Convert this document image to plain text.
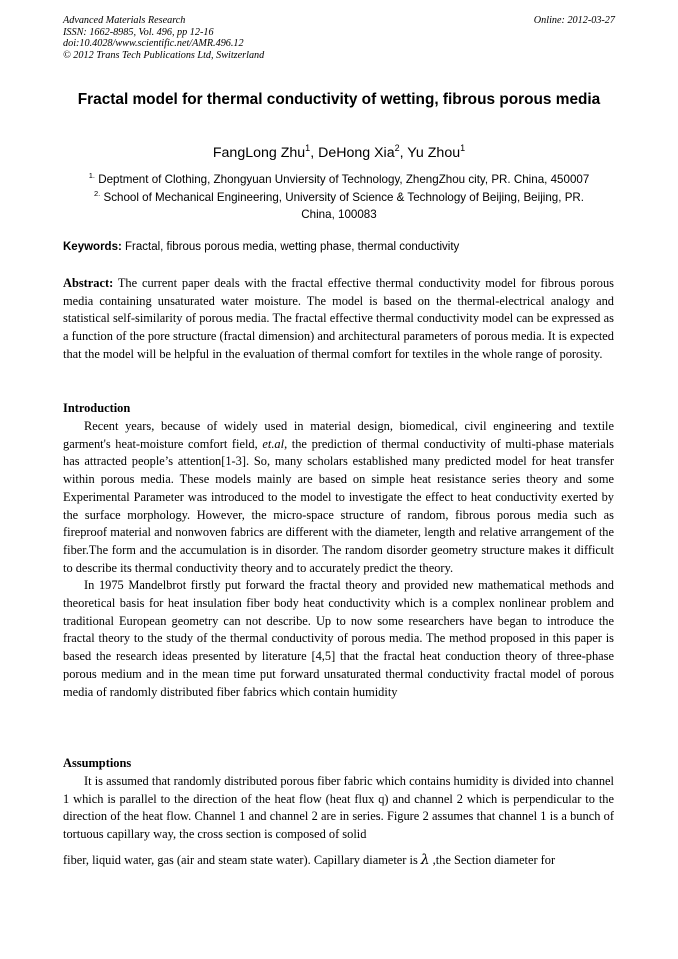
Advanced Materials Research
ISSN: 1662-8985, Vol. 496, pp 12-16
doi:10.4028/www.scientific.net/AMR.496.12
© 2012 Trans Tech Publications Ltd, Switzerland
Online: 2012-03-27
Fractal model for thermal conductivity of wetting, fibrous porous media
FangLong Zhu$^1$, DeHong Xia$^2$, Yu Zhou$^1$
$^{1.}$ Deptment of Clothing, Zhongyuan Unviersity of Technology, ZhengZhou city, PR. China, 450007
$^{2.}$ School of Mechanical Engineering, University of Science & Technology of Beijing, Beijing, PR.
China, 100083
Keywords: Fractal, fibrous porous media, wetting phase, thermal conductivity

Abstract: The current paper deals with the fractal effective thermal conductivity model for fibrous porous media containing unsaturated water moisture. The model is based on the thermal-electrical analogy and statistical self-similarity of porous media. The fractal effective thermal conductivity model can be expressed as a function of the pore structure (fractal dimension) and architectural parameters of porous media. It is expected that the model will be helpful in the evaluation of thermal comfort for textiles in the whole range of porosity.

Introduction

Recent years, because of widely used in material design, biomedical, civil engineering and textile garment's heat-moisture comfort field, et.al, the prediction of thermal conductivity of multi-phase materials has attracted people’s attention[1-3]. So, many scholars established many predicted model for heat transfer within porous media. These models mainly are based on simple heat resistance series theory and some Experimental Parameter was introduced to the model to investigate the effect to heat conductivity exerted by the surface morphology. However, the micro-space structure of random, fibrous porous media such as fireproof material and nonwoven fabrics are different with the diameter, length and relative arrangement of the fiber.The form and the accumulation is in disorder. The random disorder geometry structure makes it difficult to describe its thermal conductivity theory and to accurately predict the theory.

In 1975 Mandelbrot firstly put forward the fractal theory and provided new mathematical methods and theoretical basis for heat insulation fiber body heat conductivity which is a complex nonlinear problem and traditional European geometry can not describe. Up to now some researchers have began to introduce the fractal theory to the study of the thermal conductivity of porous media. The method proposed in this paper is based the research ideas presented by literature [4,5] that the fractal heat conduction theory of three-phase porous medium and in the mean time put forward unsaturated thermal conductivity fractal model of porous media of randomly distributed fiber fabrics which contain humidity

Assumptions

It is assumed that randomly distributed porous fiber fabric which contains humidity is divided into channel 1 which is parallel to the direction of the heat flow (heat flux q) and channel 2 which is perpendicular to the direction of the heat flow. Channel 1 and channel 2 are in series. Figure 2 assumes that channel 1 is a bunch of tortuous capillary way, the cross section is composed of solid

fiber, liquid water, gas (air and steam state water). Capillary diameter is λ ,the Section diameter for
